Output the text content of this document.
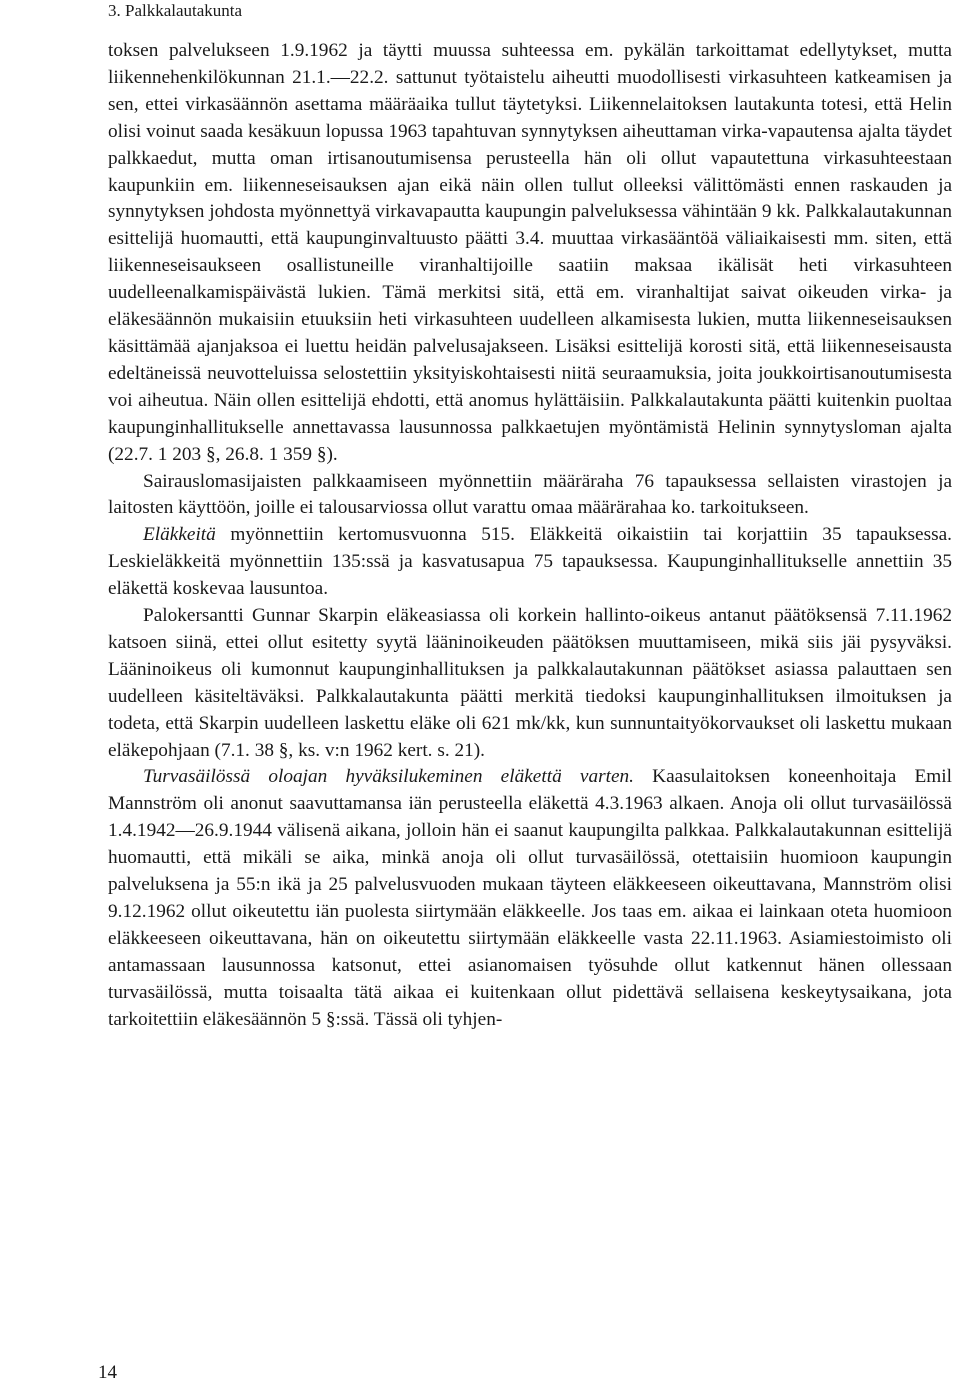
3. Palkkalautakunta

toksen palvelukseen 1.9.1962 ja täytti muussa suhteessa em. pykälän tarkoittamat edellytykset, mutta liikennehenkilökunnan 21.1.—22.2. sattunut työtaistelu aiheutti muodollisesti virkasuhteen katkeamisen ja sen, ettei virkasäännön asettama määräaika tullut täytetyksi. Liikennelaitoksen lautakunta totesi, että Helin olisi voinut saada kesäkuun lopussa 1963 tapahtuvan synnytyksen aiheuttaman virka-vapautensa ajalta täydet palkkaedut, mutta oman irtisanoutumisensa perusteella hän oli ollut vapautettuna virkasuhteestaan kaupunkiin em. liikenneseisauksen ajan eikä näin ollen tullut olleeksi välittömästi ennen raskauden ja synnytyksen johdosta myönnettyä virkavapautta kaupungin palveluksessa vähintään 9 kk. Palkkalautakunnan esittelijä huomautti, että kaupunginvaltuusto päätti 3.4. muuttaa virkasääntöä väliaikaisesti mm. siten, että liikenneseisaukseen osallistuneille viranhaltijoille saatiin maksaa ikälisät heti virkasuhteen uudelleenalkamispäivästä lukien. Tämä merkitsi sitä, että em. viranhaltijat saivat oikeuden virka- ja eläkesäännön mukaisiin etuuksiin heti virkasuhteen uudelleen alkamisesta lukien, mutta liikenneseisauksen käsittämää ajanjaksoa ei luettu heidän palvelusajakseen. Lisäksi esittelijä korosti sitä, että liikenneseisausta edeltäneissä neuvotteluissa selostettiin yksityiskohtaisesti niitä seuraamuksia, joita joukkoirtisanoutumisesta voi aiheutua. Näin ollen esittelijä ehdotti, että anomus hylättäisiin. Palkkalautakunta päätti kuitenkin puoltaa kaupunginhallitukselle annettavassa lausunnossa palkkaetujen myöntämistä Helinin synnytysloman ajalta (22.7. 1 203 §, 26.8. 1 359 §).

Sairauslomasijaisten palkkaamiseen myönnettiin määräraha 76 tapauksessa sellaisten virastojen ja laitosten käyttöön, joille ei talousarviossa ollut varattu omaa määrärahaa ko. tarkoitukseen.

Eläkkeitä myönnettiin kertomusvuonna 515. Eläkkeitä oikaistiin tai korjattiin 35 tapauksessa. Leskieläkkeitä myönnettiin 135:ssä ja kasvatusapua 75 tapauksessa. Kaupunginhallitukselle annettiin 35 eläkettä koskevaa lausuntoa.

Palokersantti Gunnar Skarpin eläkeasiassa oli korkein hallinto-oikeus antanut päätöksensä 7.11.1962 katsoen siinä, ettei ollut esitetty syytä lääninoikeuden päätöksen muuttamiseen, mikä siis jäi pysyväksi. Lääninoikeus oli kumonnut kaupunginhallituksen ja palkkalautakunnan päätökset asiassa palauttaen sen uudelleen käsiteltäväksi. Palkkalautakunta päätti merkitä tiedoksi kaupunginhallituksen ilmoituksen ja todeta, että Skarpin uudelleen laskettu eläke oli 621 mk/kk, kun sunnuntaityökorvaukset oli laskettu mukaan eläkepohjaan (7.1. 38 §, ks. v:n 1962 kert. s. 21).

Turvasäilössä oloajan hyväksilukeminen eläkettä varten. Kaasulaitoksen koneenhoitaja Emil Mannström oli anonut saavuttamansa iän perusteella eläkettä 4.3.1963 alkaen. Anoja oli ollut turvasäilössä 1.4.1942—26.9.1944 välisenä aikana, jolloin hän ei saanut kaupungilta palkkaa. Palkkalautakunnan esittelijä huomautti, että mikäli se aika, minkä anoja oli ollut turvasäilössä, otettaisiin huomioon kaupungin palveluksena ja 55:n ikä ja 25 palvelusvuoden mukaan täyteen eläkkeeseen oikeuttavana, Mannström olisi 9.12.1962 ollut oikeutettu iän puolesta siirtymään eläkkeelle. Jos taas em. aikaa ei lainkaan oteta huomioon eläkkeeseen oikeuttavana, hän on oikeutettu siirtymään eläkkeelle vasta 22.11.1963. Asiamiestoimisto oli antamassaan lausunnossa katsonut, ettei asianomaisen työsuhde ollut katkennut hänen ollessaan turvasäilössä, mutta toisaalta tätä aikaa ei kuitenkaan ollut pidettävä sellaisena keskeytysaikana, jota tarkoitettiin eläkesäännön 5 §:ssä. Tässä oli tyhjen-

14
